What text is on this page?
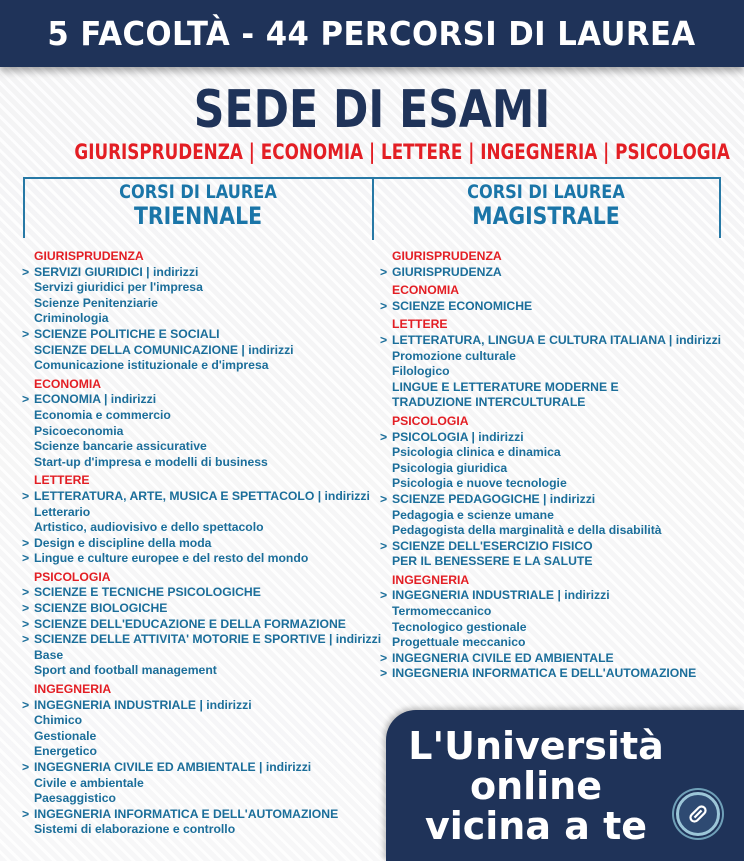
5 FACOLTÀ - 44 PERCORSI DI LAUREA
SEDE DI ESAMI
GIURISPRUDENZA | ECONOMIA | LETTERE | INGEGNERIA | PSICOLOGIA
CORSI DI LAUREA
TRIENNALE
CORSI DI LAUREA
MAGISTRALE
GIURISPRUDENZA
> SERVIZI GIURIDICI | indirizzi
Servizi giuridici per l'impresa
Scienze Penitenziarie
Criminologia
> SCIENZE POLITICHE E SOCIALI
SCIENZE DELLA COMUNICAZIONE | indirizzi
Comunicazione istituzionale e d'impresa
ECONOMIA
> ECONOMIA | indirizzi
Economia e commercio
Psicoeconomia
Scienze bancarie assicurative
Start-up d'impresa e modelli di business
LETTERE
> LETTERATURA, ARTE, MUSICA E SPETTACOLO | indirizzi
Letterario
Artistico, audiovisivo e dello spettacolo
> Design e discipline della moda
> Lingue e culture europee e del resto del mondo
PSICOLOGIA
> SCIENZE E TECNICHE PSICOLOGICHE
> SCIENZE BIOLOGICHE
> SCIENZE DELL'EDUCAZIONE E DELLA FORMAZIONE
> SCIENZE DELLE ATTIVITA' MOTORIE E SPORTIVE | indirizzi
Base
Sport and football management
INGEGNERIA
> INGEGNERIA INDUSTRIALE | indirizzi
Chimico
Gestionale
Energetico
> INGEGNERIA CIVILE ED AMBIENTALE | indirizzi
Civile e ambientale
Paesaggistico
> INGEGNERIA INFORMATICA E DELL'AUTOMAZIONE
Sistemi di elaborazione e controllo
GIURISPRUDENZA
> GIURISPRUDENZA
ECONOMIA
> SCIENZE ECONOMICHE
LETTERE
> LETTERATURA, LINGUA E CULTURA ITALIANA | indirizzi
Promozione culturale
Filologico
LINGUE E LETTERATURE MODERNE E
TRADUZIONE INTERCULTURALE
PSICOLOGIA
> PSICOLOGIA | indirizzi
Psicologia clinica e dinamica
Psicologia giuridica
Psicologia e nuove tecnologie
> SCIENZE PEDAGOGICHE | indirizzi
Pedagogia e scienze umane
Pedagogista della marginalità e della disabilità
> SCIENZE DELL'ESERCIZIO FISICO
PER IL BENESSERE E LA SALUTE
INGEGNERIA
> INGEGNERIA INDUSTRIALE | indirizzi
Termomeccanico
Tecnologico gestionale
Progettuale meccanico
> INGEGNERIA CIVILE ED AMBIENTALE
> INGEGNERIA INFORMATICA E DELL'AUTOMAZIONE
L'Università
online
vicina a te
